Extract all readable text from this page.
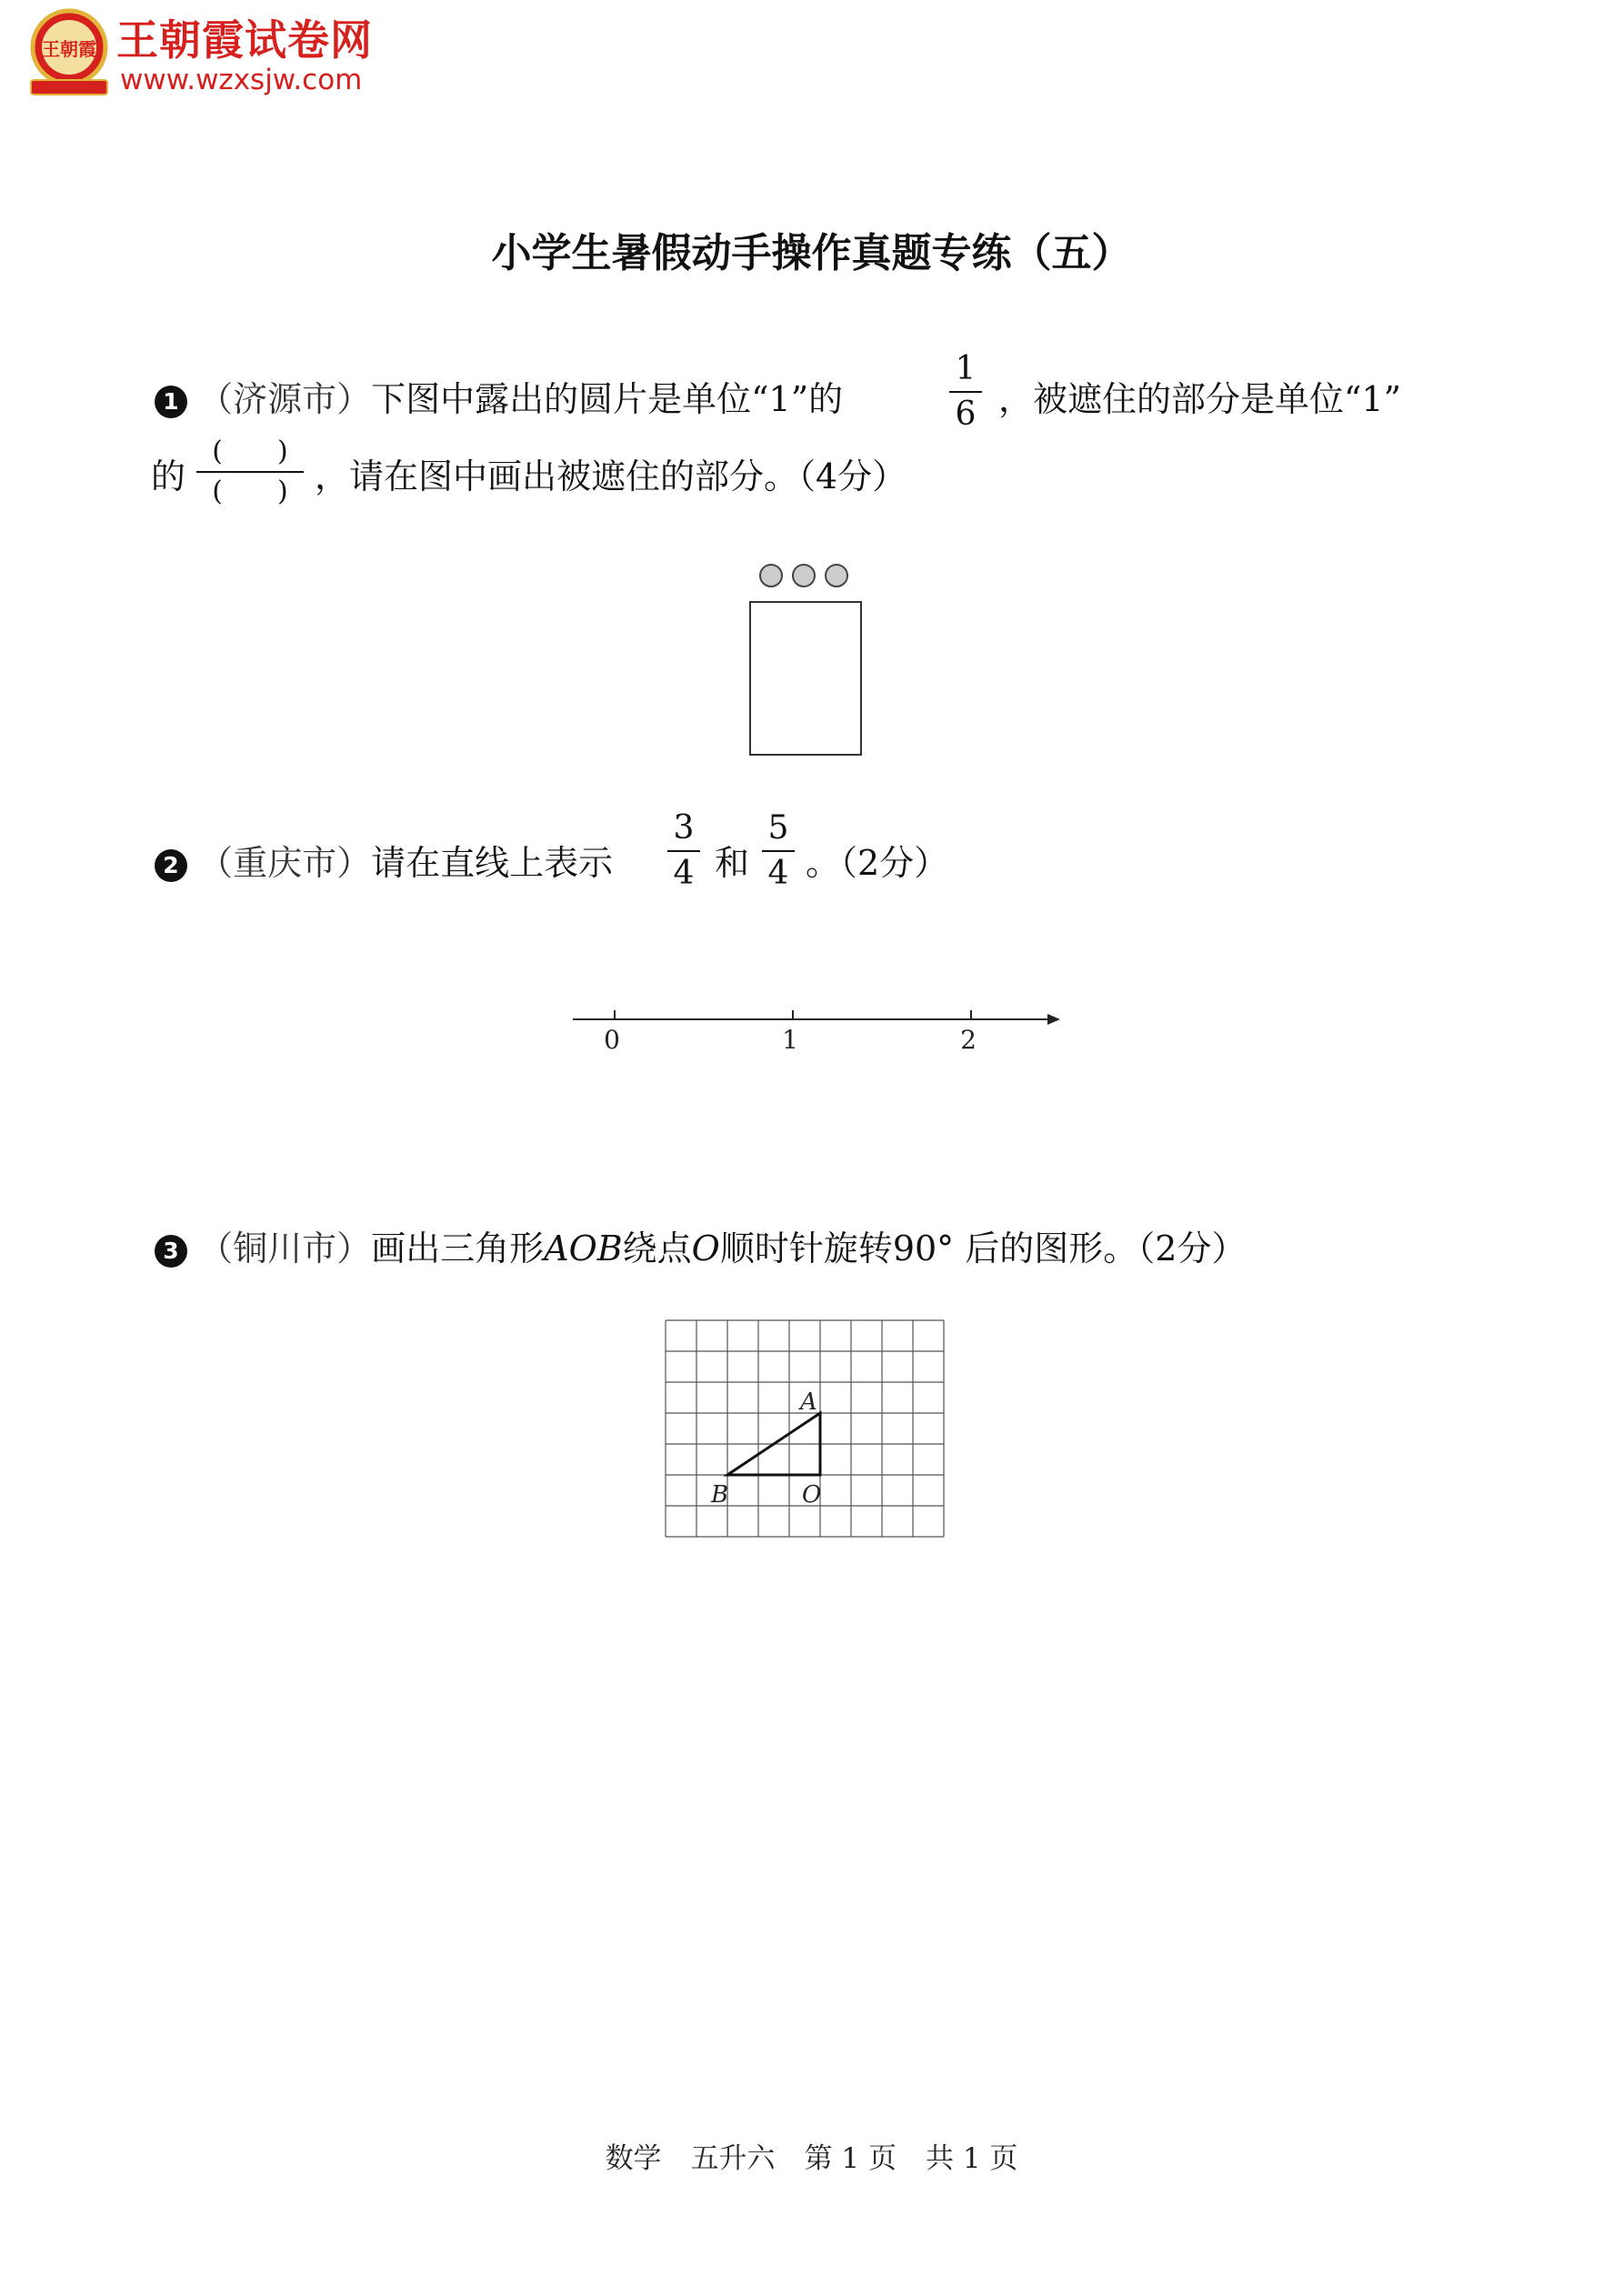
王朝霞 王朝霞试卷网
www.wzxsjw.com
小学生暑假动手操作真题专练（五）
1 （济源市）下图中露出的圆片是单位“1”的
1
6 ，被遮住的部分是单位“1”
的
(　　)
(　　) ，请在图中画出被遮住的部分。（4分）
2 （重庆市）请在直线上表示
3
4 和
5
4 。（2分）
0	1	2
3 （铜川市）画出三角形AOB绕点O顺时针旋转90° 后的图形。（2分）
A
B	O
数学 五升六 第 1 页 共 1 页
